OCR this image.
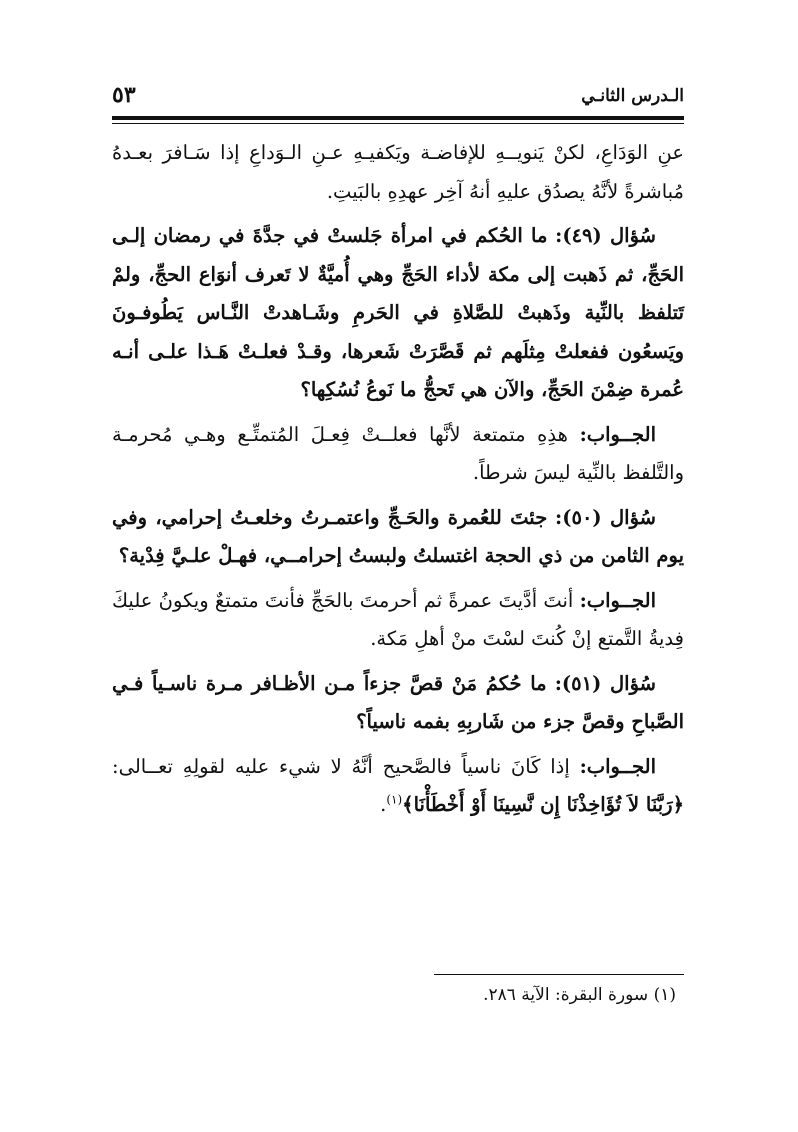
الـدرس الثانـي
٥٣

عنِ الوَدَاعِ، لكنْ يَنويــهِ للإفاضـة ويَكفيـهِ عـنِ الـوَداعِ إذا سَـافرَ بعـدهُ مُباشرةً لأنَّهُ يصدُق عليهِ أنهُ آخِر عهدِهِ بالبَيتِ.

سُؤال (٤٩): ما الحُكم في امرأة جَلستْ في جدَّةَ في رمضان إلـى الحَجِّ، ثم ذَهبت إلى مكة لأداء الحَجِّ وهي أُميَّةٌ لا تَعرف أنوَاع الحجِّ، ولمْ تَتلفظ بالنِّية وذَهبتْ للصَّلاةِ في الحَرمِ وشَـاهدتْ النَّـاس يَطُوفـونَ ويَسعُون ففعلتْ مِثلَهم ثم قَصَّرَتْ شَعرها، وقـدْ فعلـتْ هَـذا علـى أنـه عُمرة ضِمْنَ الحَجِّ، والآن هي تَحجُّ ما نَوعُ نُسُكِها؟

الجــواب: هذِهِ متمتعة لأنَّها فعلــتْ فِعـلَ المُتمتِّـع وهـي مُحرمـة والتَّلفظ بالنِّية ليسَ شرطاً.

سُؤال (٥٠): جئتَ للعُمرة والحَـجِّ واعتمـرتُ وخلعـتُ إحرامي، وفي يوم الثامن من ذي الحجة اغتسلتُ ولبستُ إحرامــي، فهـلْ علـيَّ فِدْية؟

الجــواب: أنتَ أدَّيتَ عمرةً ثم أحرمتَ بالحَجِّ فأنتَ متمتعٌ ويكونُ عليكَ فِديةُ التَّمتع إنْ كُنتَ لسْتَ منْ أهلِ مَكة.

سُؤال (٥١): ما حُكمُ مَنْ قصَّ جزءاً مـن الأظـافر مـرة ناسـياً فـي الصَّباحِ وقصَّ جزء من شَاربِهِ بفمه ناسياً؟

الجــواب: إذا كَانَ ناسياً فالصَّحيح أنَّهُ لا شيء عليه لقولِهِ تعــالى: ﴿رَبَّنَا لاَ تُؤَاخِذْنَا إِن نَّسِينَا أَوْ أَخْطَأْنَا﴾$^{(١)}$.

(١) سورة البقرة: الآية ٢٨٦.
